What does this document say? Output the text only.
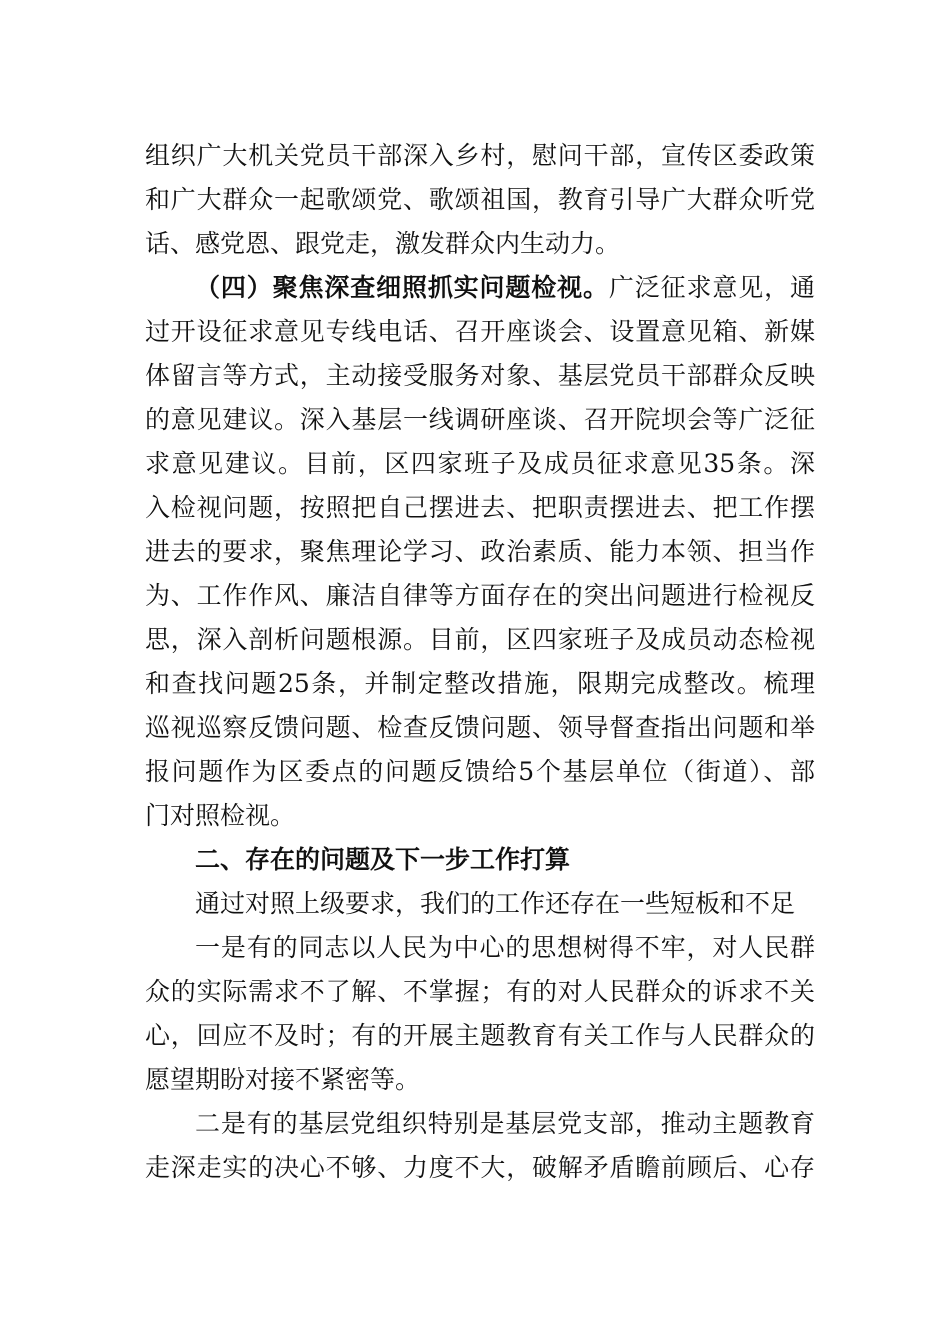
组织广大机关党员干部深入乡村，慰问干部，宣传区委政策
和广大群众一起歌颂党、歌颂祖国，教育引导广大群众听党
话、感党恩、跟党走，激发群众内生动力。
（四）聚焦深查细照抓实问题检视。广泛征求意见，通
过开设征求意见专线电话、召开座谈会、设置意见箱、新媒
体留言等方式，主动接受服务对象、基层党员干部群众反映
的意见建议。深入基层一线调研座谈、召开院坝会等广泛征
求意见建议。目前，区四家班子及成员征求意见35条。深
入检视问题，按照把自己摆进去、把职责摆进去、把工作摆
进去的要求，聚焦理论学习、政治素质、能力本领、担当作
为、工作作风、廉洁自律等方面存在的突出问题进行检视反
思，深入剖析问题根源。目前，区四家班子及成员动态检视
和查找问题25条，并制定整改措施，限期完成整改。梳理
巡视巡察反馈问题、检查反馈问题、领导督查指出问题和举
报问题作为区委点的问题反馈给5个基层单位（街道）、部
门对照检视。
二、存在的问题及下一步工作打算
通过对照上级要求，我们的工作还存在一些短板和不足
一是有的同志以人民为中心的思想树得不牢，对人民群
众的实际需求不了解、不掌握；有的对人民群众的诉求不关
心，回应不及时；有的开展主题教育有关工作与人民群众的
愿望期盼对接不紧密等。
二是有的基层党组织特别是基层党支部，推动主题教育
走深走实的决心不够、力度不大，破解矛盾瞻前顾后、心存
